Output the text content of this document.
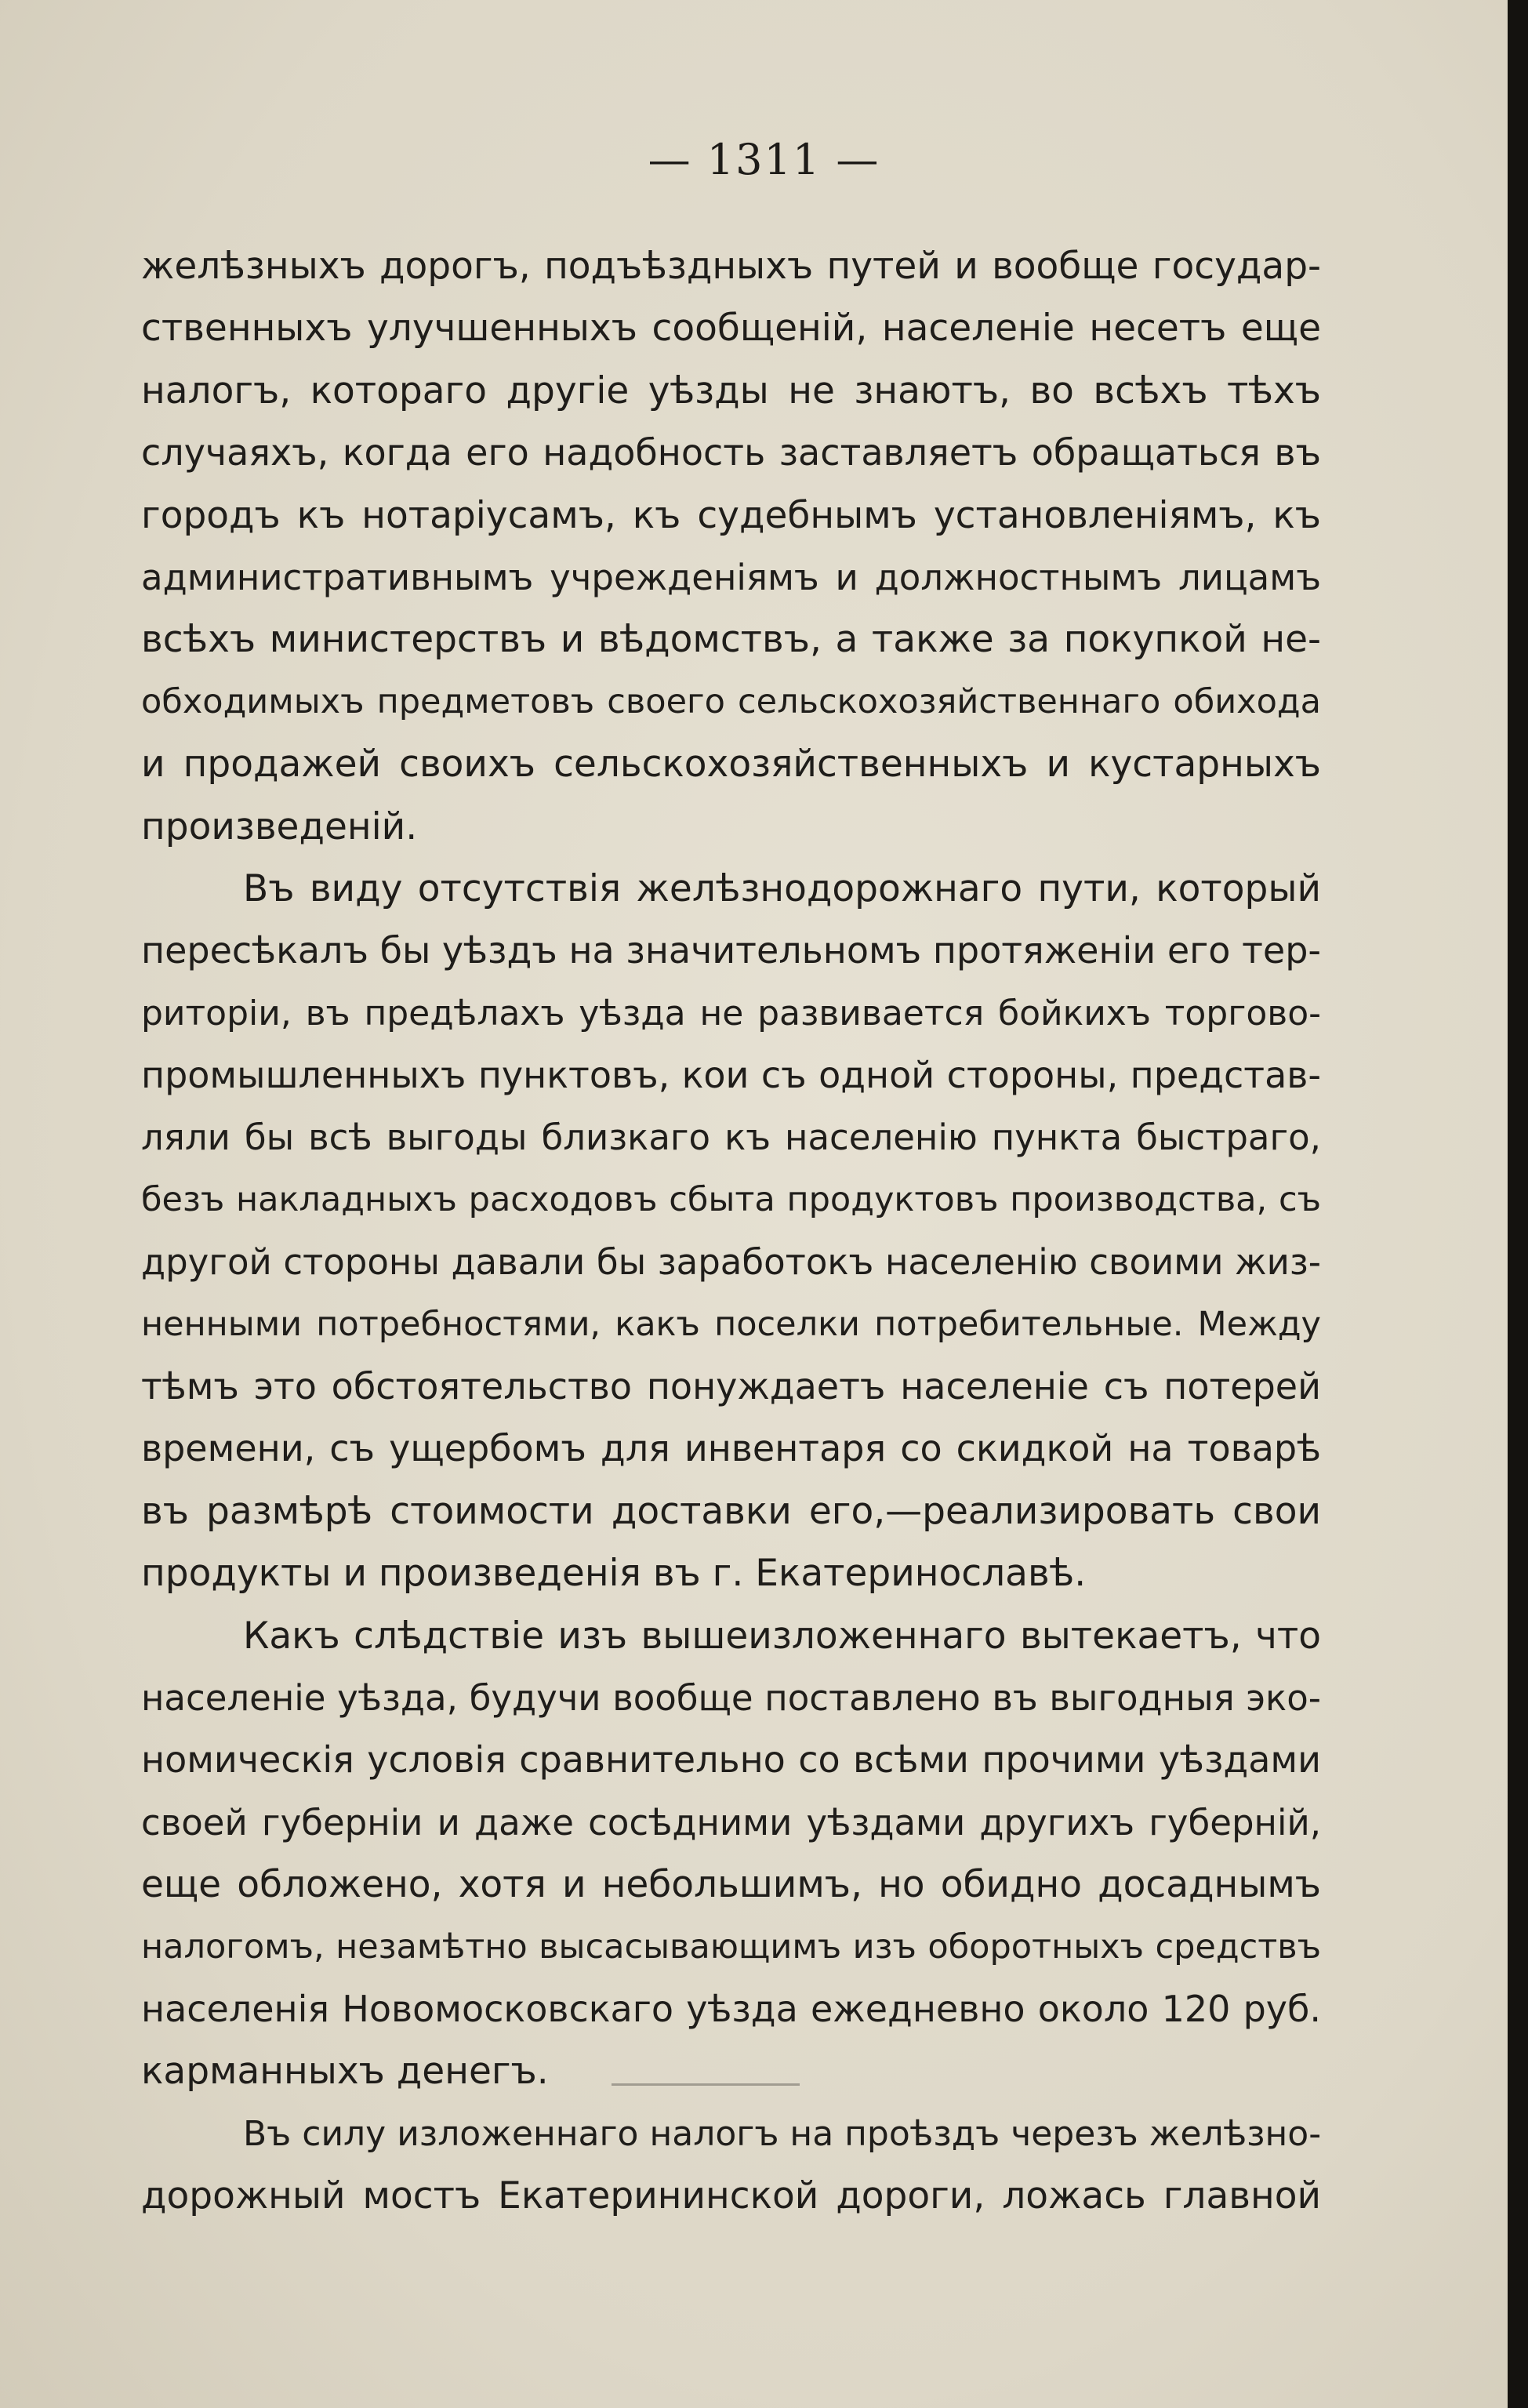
— 1311 —

желѣзныхъ дорогъ, подъѣздныхъ путей и вообще государ-
ственныхъ улучшенныхъ сообщеній, населеніе несетъ еще
налогъ, котораго другіе уѣзды не знаютъ, во всѣхъ тѣхъ
случаяхъ, когда его надобность заставляетъ обращаться въ
городъ къ нотаріусамъ, къ судебнымъ установленіямъ, къ
административнымъ учрежденіямъ и должностнымъ лицамъ
всѣхъ министерствъ и вѣдомствъ, а также за покупкой не-
обходимыхъ предметовъ своего сельскохозяйственнаго обихода
и продажей своихъ сельскохозяйственныхъ и кустарныхъ
произведеній.

Въ виду отсутствія желѣзнодорожнаго пути, который
пересѣкалъ бы уѣздъ на значительномъ протяженіи его тер-
риторіи, въ предѣлахъ уѣзда не развивается бойкихъ торгово-
промышленныхъ пунктовъ, кои съ одной стороны, представ-
ляли бы всѣ выгоды близкаго къ населенію пункта быстраго,
безъ накладныхъ расходовъ сбыта продуктовъ производства, съ
другой стороны давали бы заработокъ населенію своими жиз-
ненными потребностями, какъ поселки потребительные. Между
тѣмъ это обстоятельство понуждаетъ населеніе съ потерей
времени, съ ущербомъ для инвентаря со скидкой на товарѣ
въ размѣрѣ стоимости доставки его,—реализировать свои
продукты и произведенія въ г. Екатеринославѣ.

Какъ слѣдствіе изъ вышеизложеннаго вытекаетъ, что
населеніе уѣзда, будучи вообще поставлено въ выгодныя эко-
номическія условія сравнительно со всѣми прочими уѣздами
своей губерніи и даже сосѣдними уѣздами другихъ губерній,
еще обложено, хотя и небольшимъ, но обидно досаднымъ
налогомъ, незамѣтно высасывающимъ изъ оборотныхъ средствъ
населенія Новомосковскаго уѣзда ежедневно около 120 руб.
карманныхъ денегъ.

Въ силу изложеннаго налогъ на проѣздъ черезъ желѣзно-
дорожный мостъ Екатерининской дороги, ложась главной
